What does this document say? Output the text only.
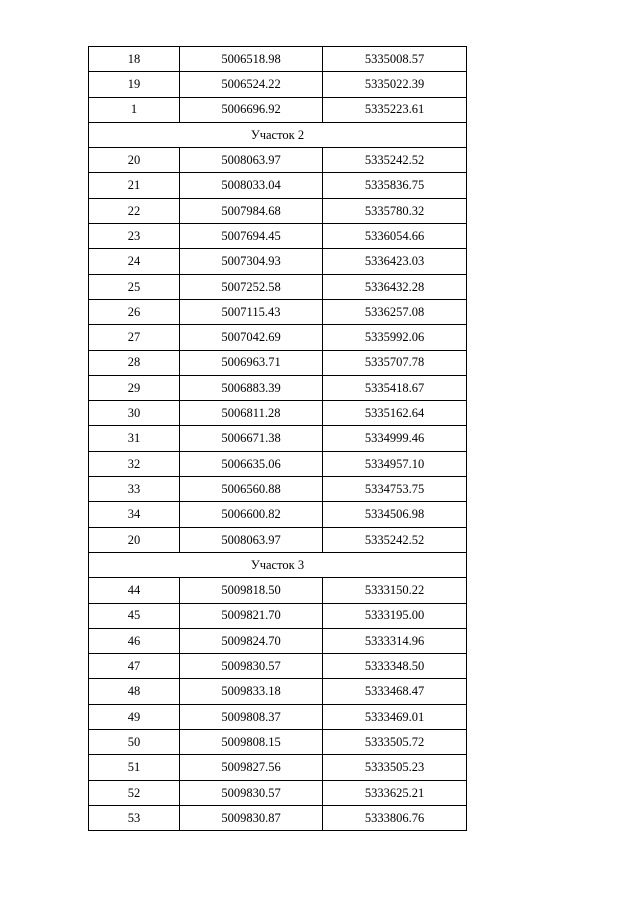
18	5006518.98	5335008.57
19	5006524.22	5335022.39
1	5006696.92	5335223.61
Участок 2		
20	5008063.97	5335242.52
21	5008033.04	5335836.75
22	5007984.68	5335780.32
23	5007694.45	5336054.66
24	5007304.93	5336423.03
25	5007252.58	5336432.28
26	5007115.43	5336257.08
27	5007042.69	5335992.06
28	5006963.71	5335707.78
29	5006883.39	5335418.67
30	5006811.28	5335162.64
31	5006671.38	5334999.46
32	5006635.06	5334957.10
33	5006560.88	5334753.75
34	5006600.82	5334506.98
20	5008063.97	5335242.52
Участок 3		
44	5009818.50	5333150.22
45	5009821.70	5333195.00
46	5009824.70	5333314.96
47	5009830.57	5333348.50
48	5009833.18	5333468.47
49	5009808.37	5333469.01
50	5009808.15	5333505.72
51	5009827.56	5333505.23
52	5009830.57	5333625.21
53	5009830.87	5333806.76
